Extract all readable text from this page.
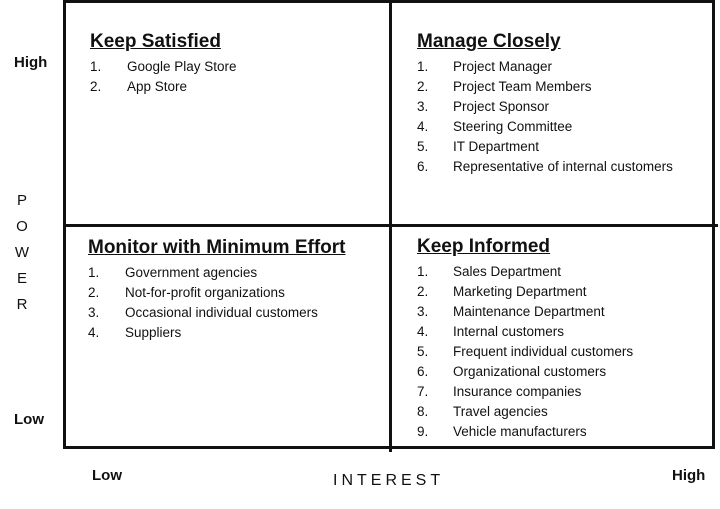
High
Low
P
O
W
E
R
Low	High
INTEREST
Keep Satisfied
1.	Google Play Store
2.	App Store
Manage Closely
1.	Project Manager
2.	Project Team Members
3.	Project Sponsor
4.	Steering Committee
5.	IT Department
6.	Representative of internal customers
Monitor with Minimum Effort
1.	Government agencies
2.	Not-for-profit organizations
3.	Occasional individual customers
4.	Suppliers
Keep Informed
1.	Sales Department
2.	Marketing Department
3.	Maintenance Department
4.	Internal customers
5.	Frequent individual customers
6.	Organizational customers
7.	Insurance companies
8.	Travel agencies
9.	Vehicle manufacturers
